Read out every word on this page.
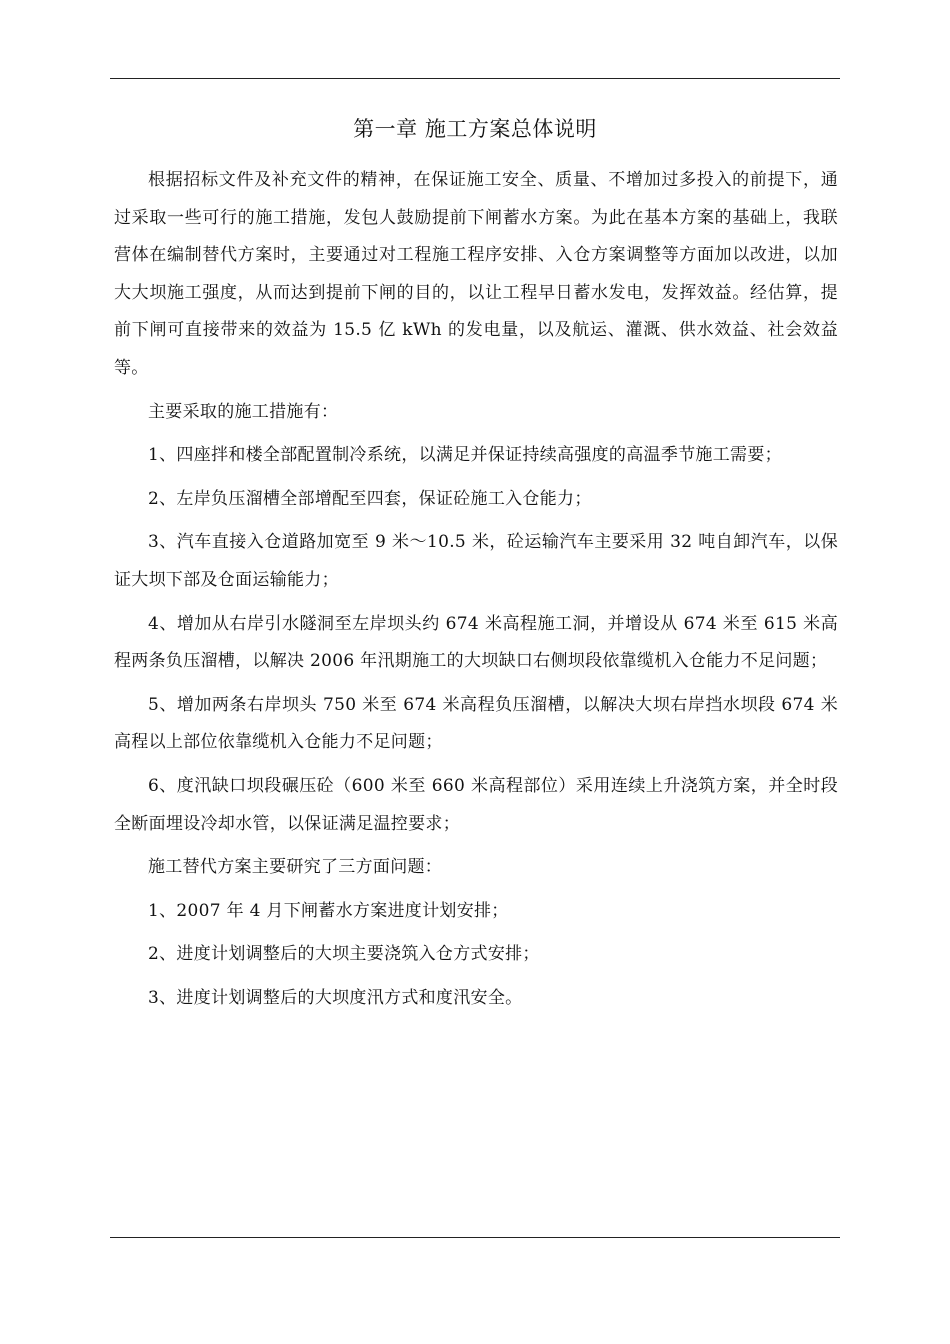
第一章 施工方案总体说明

根据招标文件及补充文件的精神，在保证施工安全、质量、不增加过多投入的前提下，通过采取一些可行的施工措施，发包人鼓励提前下闸蓄水方案。为此在基本方案的基础上，我联营体在编制替代方案时，主要通过对工程施工程序安排、入仓方案调整等方面加以改进，以加大大坝施工强度，从而达到提前下闸的目的，以让工程早日蓄水发电，发挥效益。经估算，提前下闸可直接带来的效益为 15.5 亿 kWh 的发电量，以及航运、灌溉、供水效益、社会效益等。

主要采取的施工措施有：

1、四座拌和楼全部配置制冷系统，以满足并保证持续高强度的高温季节施工需要；

2、左岸负压溜槽全部增配至四套，保证砼施工入仓能力；

3、汽车直接入仓道路加宽至 9 米～10.5 米，砼运输汽车主要采用 32 吨自卸汽车，以保证大坝下部及仓面运输能力；

4、增加从右岸引水隧洞至左岸坝头约 674 米高程施工洞，并增设从 674 米至 615 米高程两条负压溜槽，以解决 2006 年汛期施工的大坝缺口右侧坝段依靠缆机入仓能力不足问题；

5、增加两条右岸坝头 750 米至 674 米高程负压溜槽，以解决大坝右岸挡水坝段 674 米高程以上部位依靠缆机入仓能力不足问题；

6、度汛缺口坝段碾压砼（600 米至 660 米高程部位）采用连续上升浇筑方案，并全时段全断面埋设冷却水管，以保证满足温控要求；

施工替代方案主要研究了三方面问题：

1、2007 年 4 月下闸蓄水方案进度计划安排；

2、进度计划调整后的大坝主要浇筑入仓方式安排；

3、进度计划调整后的大坝度汛方式和度汛安全。
